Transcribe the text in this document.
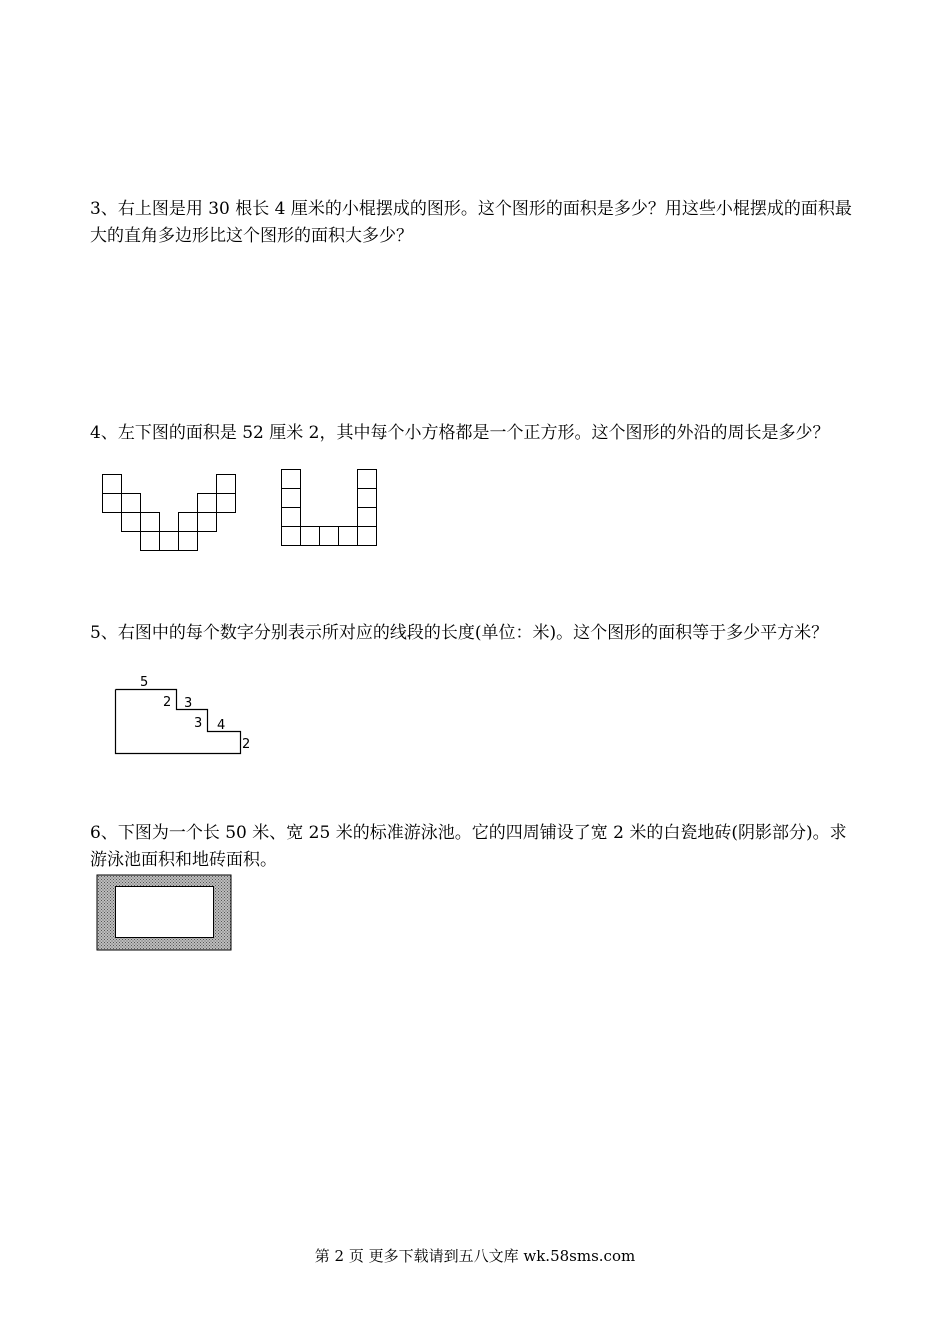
3、右上图是用 30 根长 4 厘米的小棍摆成的图形。这个图形的面积是多少？用这些小棍摆成的面积最大的直角多边形比这个图形的面积大多少？

4、左下图的面积是 52 厘米 2，其中每个小方格都是一个正方形。这个图形的外沿的周长是多少？

5、右图中的每个数字分别表示所对应的线段的长度(单位：米)。这个图形的面积等于多少平方米？

5
2 3
3 4
2

6、下图为一个长 50 米、宽 25 米的标准游泳池。它的四周铺设了宽 2 米的白瓷地砖(阴影部分)。求游泳池面积和地砖面积。

第 2 页 更多下载请到五八文库 wk.58sms.com
